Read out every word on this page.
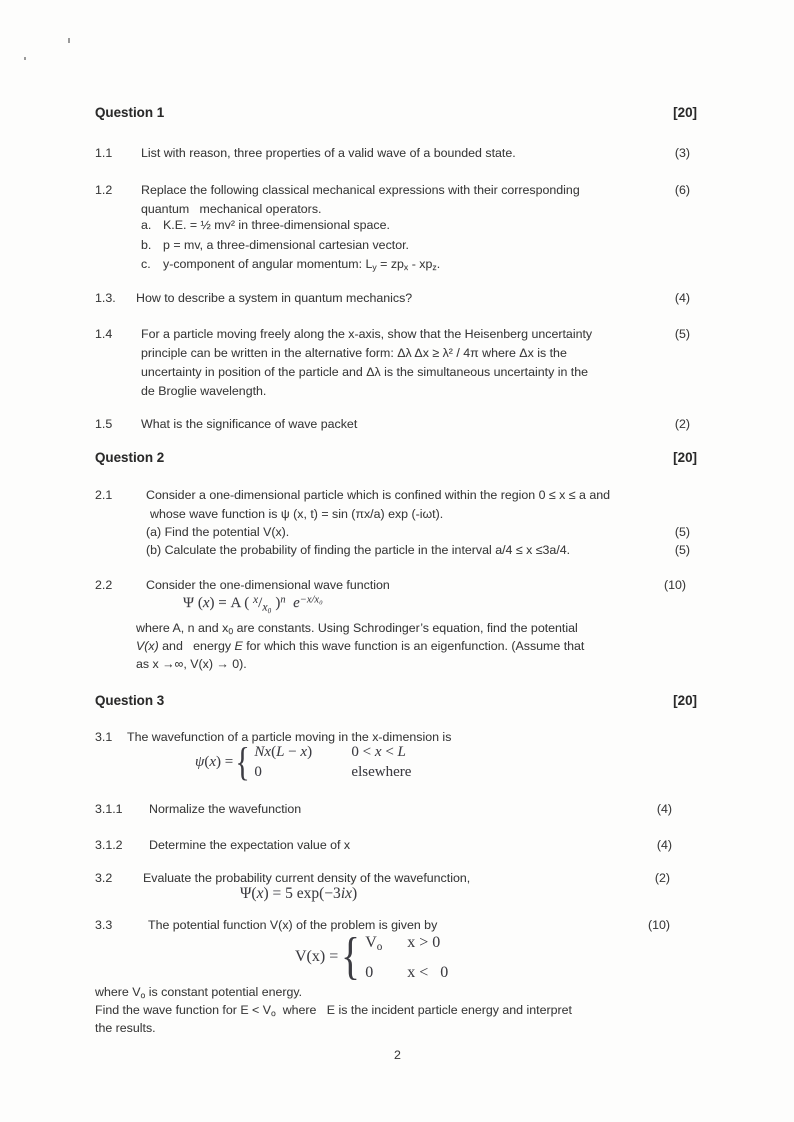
Question 1	[20]
1.1 List with reason, three properties of a valid wave of a bounded state.	(3)
1.2 Replace the following classical mechanical expressions with their corresponding	(6)
quantum   mechanical operators.
a. K.E. = ½ mv² in three-dimensional space.
b. p = mv, a three-dimensional cartesian vector.
c. y-component of angular momentum: $L_y = zp_x - xp_z$.
1.3. How to describe a system in quantum mechanics?	(4)
1.4 For a particle moving freely along the x-axis, show that the Heisenberg uncertainty	(5)
principle can be written in the alternative form: Δλ Δx ≥ λ² / 4π where Δx is the
uncertainty in position of the particle and Δλ is the simultaneous uncertainty in the
de Broglie wavelength.
1.5 What is the significance of wave packet	(2)
Question 2	[20]
2.1	Consider a one-dimensional particle which is confined within the region 0 ≤ x ≤ a and
whose wave function is ψ (x, t) = sin (πx/a) exp (-iωt).
(a) Find the potential V(x).	(5)
(b) Calculate the probability of finding the particle in the interval a/4 ≤ x ≤3a/4.	(5)
2.2	Consider the one-dimensional wave function	(10)
Ψ (x) = A ( $^x/_{x_0}$ )$^n$ $e^{-x/x_0}$
where A, n and $x_0$ are constants. Using Schrodinger’s equation, find the potential
V(x) and   energy E for which this wave function is an eigenfunction. (Assume that
as x →∞, V(x) → 0).
Question 3	[20]
3.1 The wavefunction of a particle moving in the x-dimension is
ψ(x) = { Nx(L − x)	0 < x < L
0	elsewhere
3.1.1 Normalize the wavefunction	(4)
3.1.2 Determine the expectation value of x	(4)
3.2 Evaluate the probability current density of the wavefunction,	(2)
Ψ(x) = 5 exp(−3ix)
3.3	The potential function V(x) of the problem is given by	(10)
V(x) = { $V_o$	x > 0
0	x <   0
where $V_o$ is constant potential energy.
Find the wave function for $E < V_o$  where   E is the incident particle energy and interpret
the results.
2
